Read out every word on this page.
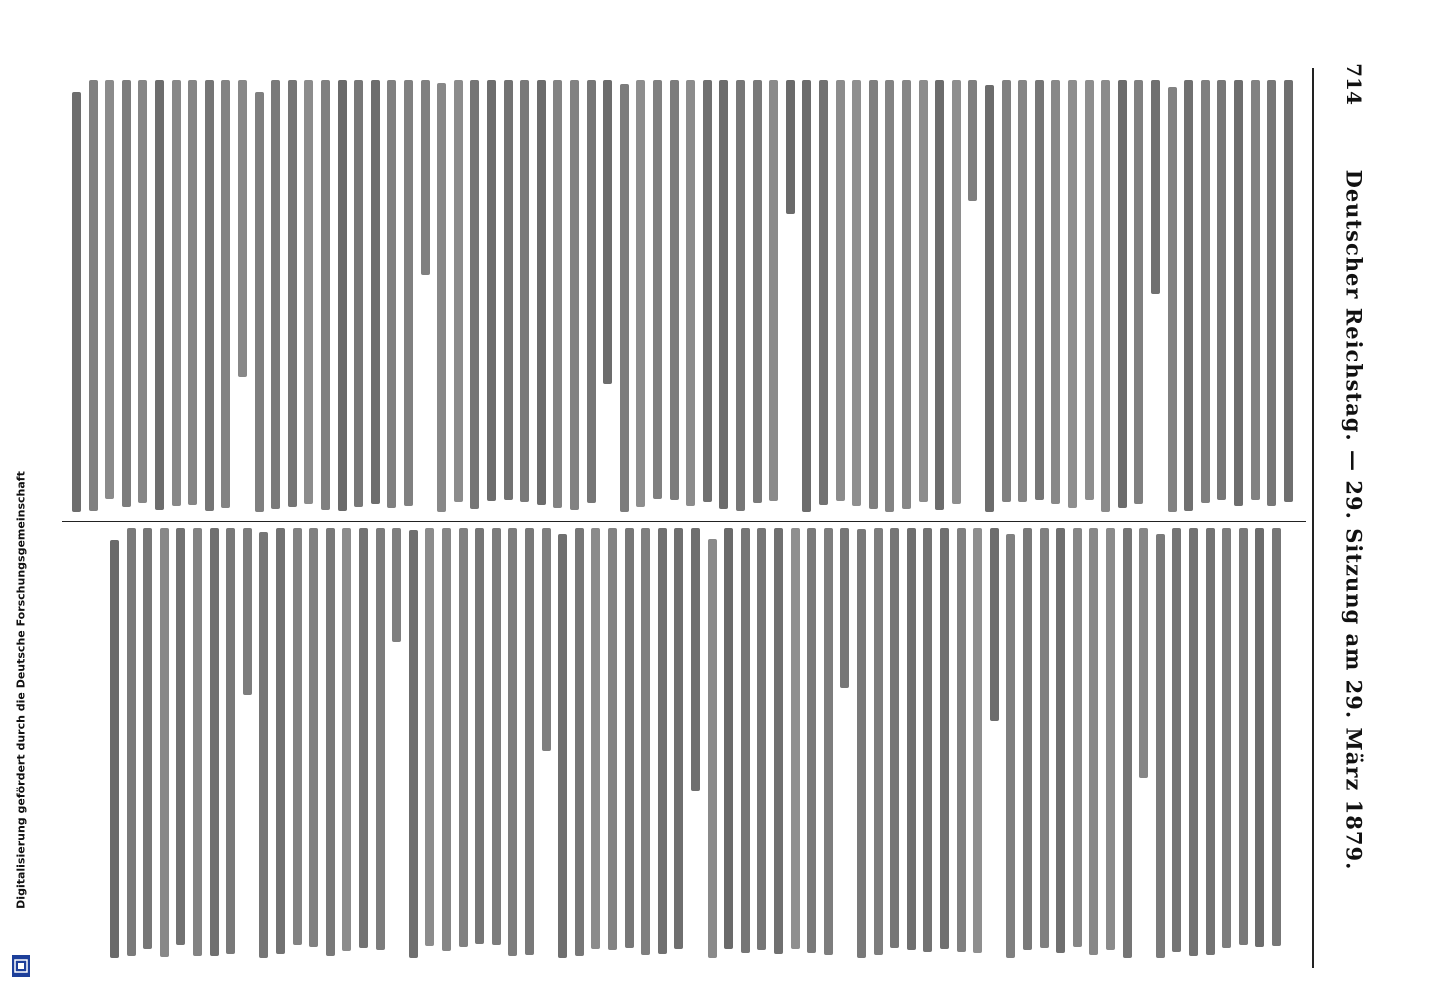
714
Deutscher Reichstag. — 29. Sitzung am 29. März 1879.
Digitalisierung gefördert durch die Deutsche Forschungsgemeinschaft
